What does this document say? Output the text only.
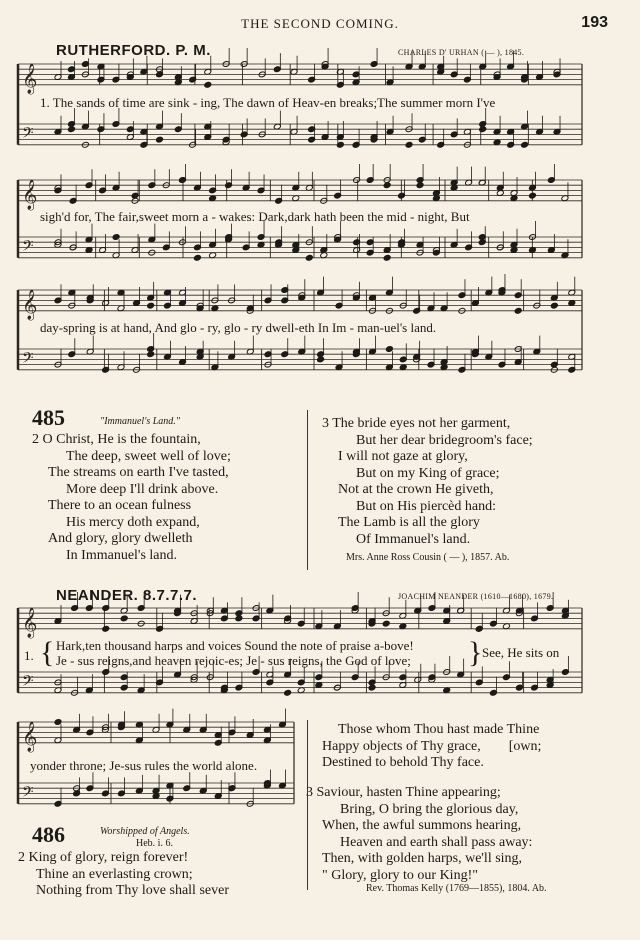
THE SECOND COMING.	193
𝄞
𝄢
𝄞
𝄢
𝄞
𝄢
𝄞
𝄢
𝄞
𝄢
RUTHERFORD. P. M.	CHARLES D' URHAN ( — ), 1845.
1. The sands of time are sink - ing, The dawn of Heav-en breaks;The summer morn I've
sigh'd for, The fair,sweet morn a - wakes: Dark,dark hath been the mid - night, But
day-spring is at hand, And glo - ry, glo - ry dwell-eth In Im - man-uel's land.
485	"Immanuel's Land."
2 O Christ, He is the fountain,
The deep, sweet well of love;
The streams on earth I've tasted,
More deep I'll drink above.
There to an ocean fulness
His mercy doth expand,
And glory, glory dwelleth
In Immanuel's land.
3 The bride eyes not her garment,
But her dear bridegroom's face;
I will not gaze at glory,
But on my King of grace;
Not at the crown He giveth,
But on His piercèd hand:
The Lamb is all the glory
Of Immanuel's land.
Mrs. Anne Ross Cousin ( — ), 1857. Ab.
NEANDER. 8.7.7.7.	JOACHIM NEANDER (1610—1680), 1679.
1. { Hark,ten thousand harps and voices Sound the note of praise a-bove!
Je - sus reigns,and heaven rejoic-es; Je - sus reigns, the God of love; } See, He sits on
yonder throne; Je-sus rules the world alone.
486	Worshipped of Angels.
Heb. i. 6.
2 King of glory, reign forever!
Thine an everlasting crown;
Nothing from Thy love shall sever
Those whom Thou hast made Thine
Happy objects of Thy grace,        [own;
Destined to behold Thy face.
3 Saviour, hasten Thine appearing;
Bring, O bring the glorious day,
When, the awful summons hearing,
Heaven and earth shall pass away:
Then, with golden harps, we'll sing,
" Glory, glory to our King!"
Rev. Thomas Kelly (1769—1855), 1804. Ab.
